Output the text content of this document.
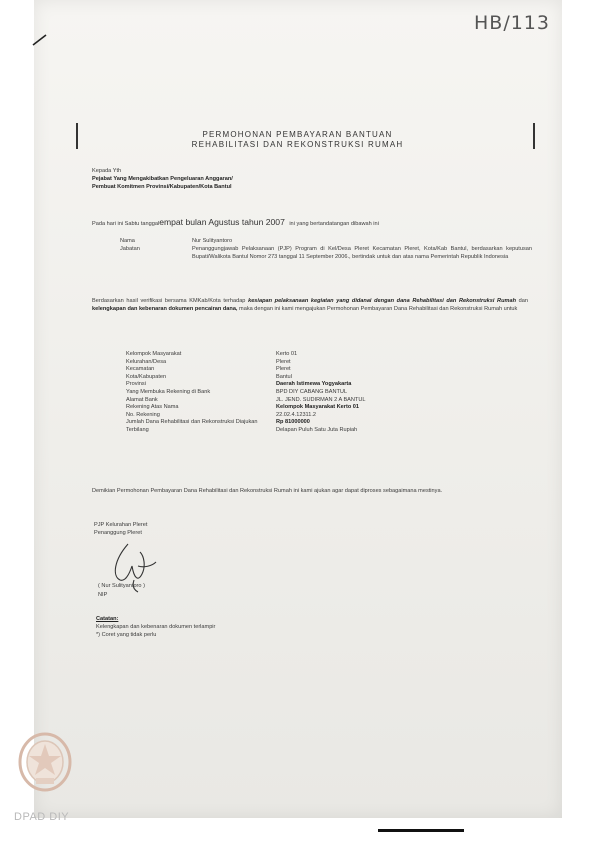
HB/113
PERMOHONAN PEMBAYARAN BANTUAN
REHABILITASI DAN REKONSTRUKSI RUMAH
Kepada Yth
Pejabat Yang Mengakibatkan Pengeluaran Anggaran/
Pembuat Komitmen Provinsi/Kabupaten/Kota Bantul
Pada hari ini Sabtu tanggalempat bulan Agustus tahun 2007 ini yang bertandatangan dibawah ini
Nama	Nur Sulityantoro
Jabatan	Penanggungjawab Pelaksanaan (PJP) Program di Kel/Desa Pleret Kecamatan Pleret, Kota/Kab Bantul, berdasarkan keputusan Bupati/Walikota Bantul Nomor 273 tanggal 11 September 2006., bertindak untuk dan atas nama Pemerintah Republik Indonesia
Berdasarkan hasil verifikasi bersama KMKab/Kota terhadap kesiapan pelaksanaan kegiatan yang didanai dengan dana Rehabilitasi dan Rekonstruksi Rumah dan kelengkapan dan kebenaran dokumen pencairan dana, maka dengan ini kami mengajukan Permohonan Pembayaran Dana Rehabilitasi dan Rekonstruksi Rumah untuk
Kelompok Masyarakat	Kerto 01
Kelurahan/Desa	Pleret
Kecamatan	Pleret
Kota/Kabupaten	Bantul
Provinsi	Daerah Istimewa Yogyakarta
Yang Membuka Rekening di Bank	BPD DIY CABANG BANTUL
Alamat Bank	JL. JEND. SUDIRMAN 2 A BANTUL
Rekening Atas Nama	Kelompok Masyarakat Kerto 01
No. Rekening	22.02.4.12311.2
Jumlah Dana Rehabilitasi dan Rekonstruksi Diajukan	Rp 81000000
Terbilang	Delapan Puluh Satu Juta Rupiah
Demikian Permohonan Pembayaran Dana Rehabilitasi dan Rekonstruksi Rumah ini kami ajukan agar dapat diproses sebagaimana mestinya.
PJP Kelurahan Pleret
Penanggung Pleret
( Nur Sulityantoro )
NIP
Catatan:
Kelengkapan dan kebenaran dokumen terlampir
*) Coret yang tidak perlu
DPAD DIY
